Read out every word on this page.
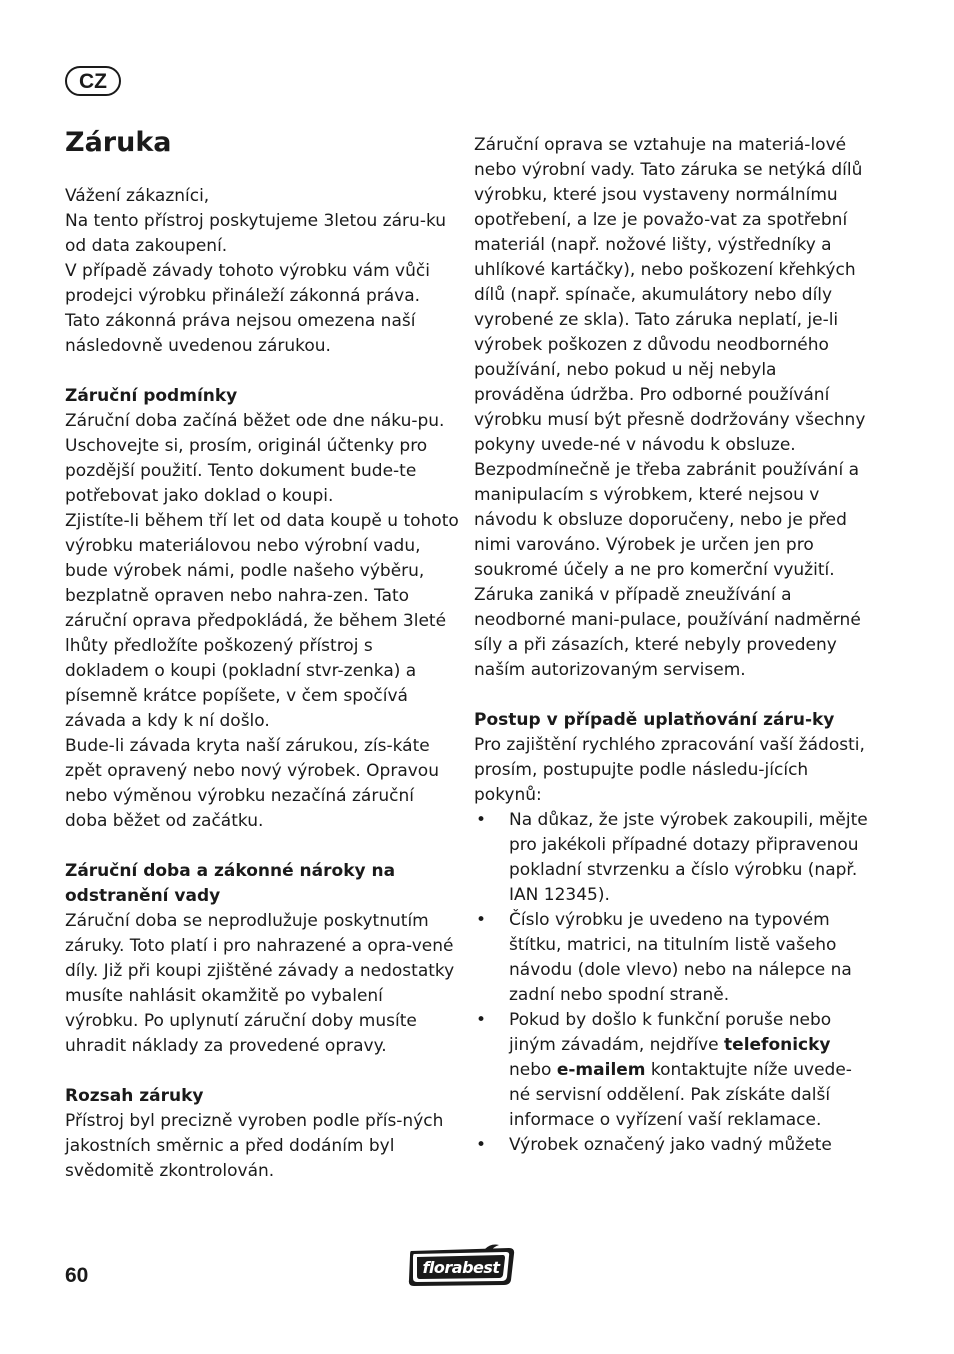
CZ
Záruka

Vážení zákazníci,

Na tento přístroj poskytujeme 3letou záru-ku od data zakoupení.

V případě závady tohoto výrobku vám vůči prodejci výrobku přináleží zákonná práva. Tato zákonná práva nejsou omezena naší následovně uvedenou zárukou.

Záruční podmínky

Záruční doba začíná běžet ode dne náku-pu. Uschovejte si, prosím, originál účtenky pro pozdější použití. Tento dokument bude-te potřebovat jako doklad o koupi.

Zjistíte-li během tří let od data koupě u tohoto výrobku materiálovou nebo výrobní vadu, bude výrobek námi, podle našeho výběru, bezplatně opraven nebo nahra-zen. Tato záruční oprava předpokládá, že během 3leté lhůty předložíte poškozený přístroj s dokladem o koupi (pokladní stvr-zenka) a písemně krátce popíšete, v čem spočívá závada a kdy k ní došlo.

Bude-li závada kryta naší zárukou, zís-káte zpět opravený nebo nový výrobek. Opravou nebo výměnou výrobku nezačíná záruční doba běžet od začátku.

Záruční doba a zákonné nároky na odstranění vady

Záruční doba se neprodlužuje poskytnutím záruky. Toto platí i pro nahrazené a opra-vené díly. Již při koupi zjištěné závady a nedostatky musíte nahlásit okamžitě po vybalení výrobku. Po uplynutí záruční doby musíte uhradit náklady za provedené opravy.

Rozsah záruky

Přístroj byl precizně vyroben podle přís-ných jakostních směrnic a před dodáním byl svědomitě zkontrolován.

Záruční oprava se vztahuje na materiá-lové nebo výrobní vady. Tato záruka se netýká dílů výrobku, které jsou vystaveny normálnímu opotřebení, a lze je považo-vat za spotřební materiál (např. nožové lišty, výstředníky a uhlíkové kartáčky), nebo poškození křehkých dílů (např. spínače, akumulátory nebo díly vyrobené ze skla). Tato záruka neplatí, je-li výrobek poškozen z důvodu neodborného používání, nebo pokud u něj nebyla prováděna údržba. Pro odborné používání výrobku musí být přesně dodržovány všechny pokyny uvede-né v návodu k obsluze. Bezpodmínečně je třeba zabránit používání a manipulacím s výrobkem, které nejsou v návodu k obsluze doporučeny, nebo je před nimi varováno. Výrobek je určen jen pro soukromé účely a ne pro komerční využití. Záruka zaniká v případě zneužívání a neodborné mani-pulace, používání nadměrné síly a při zásazích, které nebyly provedeny naším autorizovaným servisem.

Postup v případě uplatňování záru-ky

Pro zajištění rychlého zpracování vaší žádosti, prosím, postupujte podle následu-jících pokynů:

• Na důkaz, že jste výrobek zakoupili, mějte pro jakékoli případné dotazy připravenou pokladní stvrzenku a číslo výrobku (např. IAN 12345).
• Číslo výrobku je uvedeno na typovém štítku, matrici, na titulním listě vašeho návodu (dole vlevo) nebo na nálepce na zadní nebo spodní straně.
• Pokud by došlo k funkční poruše nebo jiným závadám, nejdříve telefonicky nebo e-mailem kontaktujte níže uvede-né servisní oddělení. Pak získáte další informace o vyřízení vaší reklamace.
• Výrobek označený jako vadný můžete
60	florabest
